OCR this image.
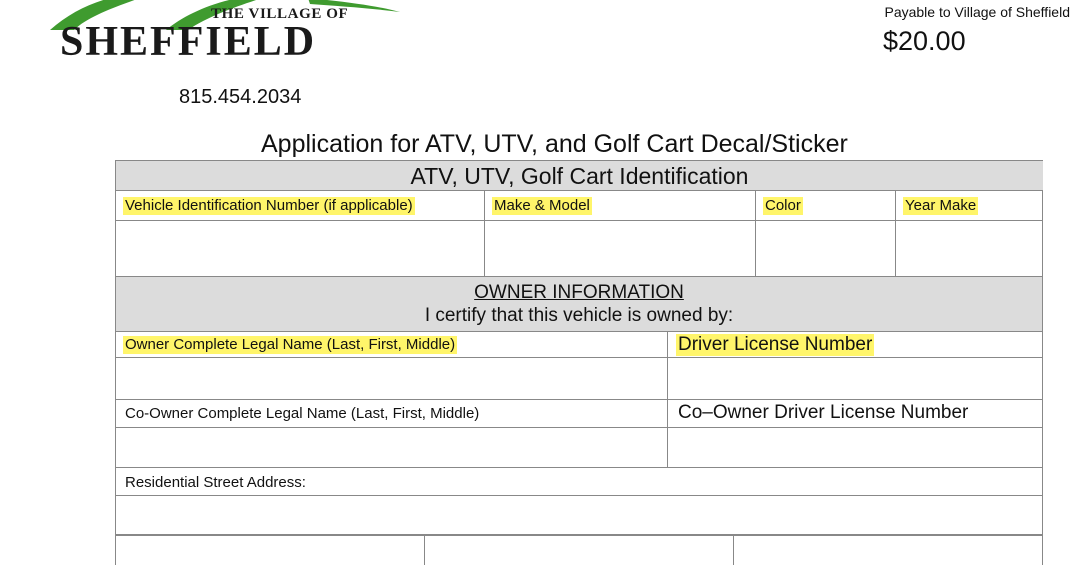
THE VILLAGE OF
SHEFFIELD
815.454.2034
Payable to Village of Sheffield
$20.00
Application for ATV, UTV, and Golf Cart Decal/Sticker
ATV, UTV, Golf Cart Identification
Vehicle Identification Number (if applicable)	Make & Model	Color	Year Make
OWNER INFORMATION
I certify that this vehicle is owned by:
Owner Complete Legal Name (Last, First, Middle)	Driver License Number
Co-Owner Complete Legal Name (Last, First, Middle)	Co–Owner Driver License Number
Residential Street Address:
